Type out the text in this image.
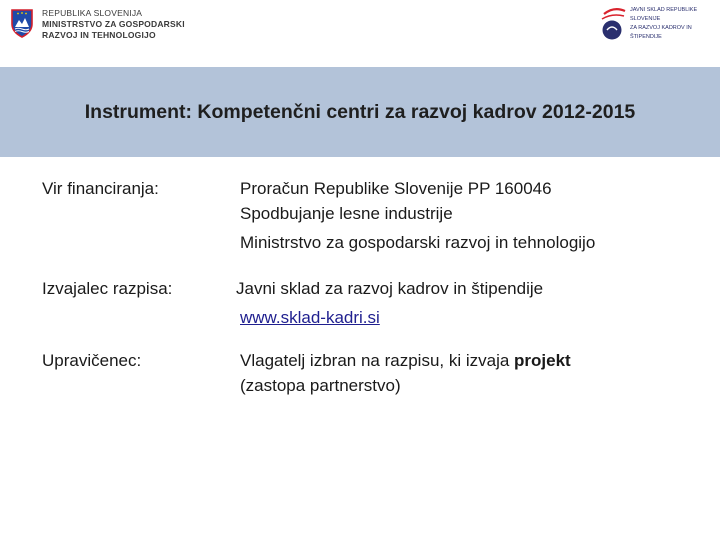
REPUBLIKA SLOVENIJA
MINISTRSTVO ZA GOSPODARSKI
RAZVOJ IN TEHNOLOGIJO
JAVNI SKLAD REPUBLIKE SLOVENIJE
ZA RAZVOJ KADROV IN ŠTIPENDIJE
Instrument: Kompetenčni centri za razvoj kadrov 2012-2015
Vir financiranja:	Proračun Republike Slovenije PP 160046
Spodbujanje lesne industrije
Ministrstvo za gospodarski razvoj in tehnologijo
Izvajalec razpisa:	Javni sklad za razvoj kadrov in štipendije
www.sklad-kadri.si
Upravičenec:	Vlagatelj izbran na razpisu, ki izvaja projekt
(zastopa partnerstvo)
